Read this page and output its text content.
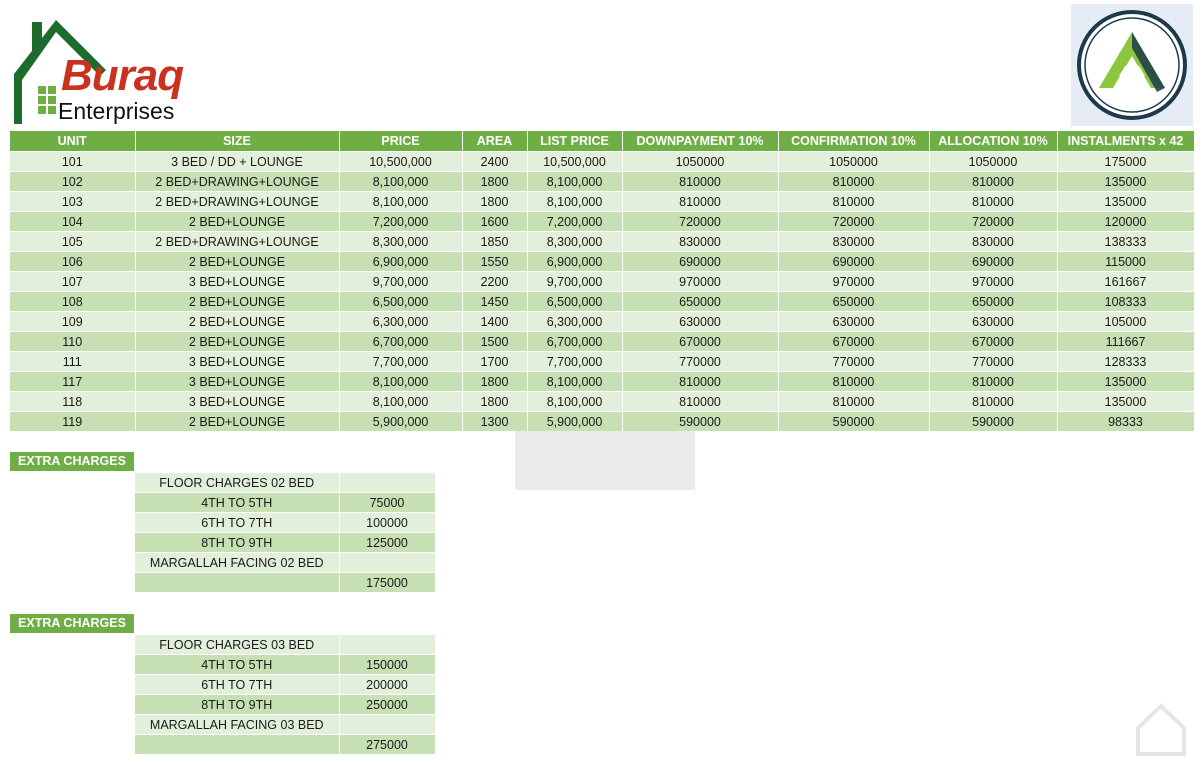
Buraq
Enterprises
UNIT	SIZE	PRICE	AREA	LIST PRICE	DOWNPAYMENT 10%	CONFIRMATION 10%	ALLOCATION 10%	INSTALMENTS x 42
101	3 BED / DD + LOUNGE	10,500,000	2400	10,500,000	1050000	1050000	1050000	175000
102	2 BED+DRAWING+LOUNGE	8,100,000	1800	8,100,000	810000	810000	810000	135000
103	2 BED+DRAWING+LOUNGE	8,100,000	1800	8,100,000	810000	810000	810000	135000
104	2 BED+LOUNGE	7,200,000	1600	7,200,000	720000	720000	720000	120000
105	2 BED+DRAWING+LOUNGE	8,300,000	1850	8,300,000	830000	830000	830000	138333
106	2 BED+LOUNGE	6,900,000	1550	6,900,000	690000	690000	690000	115000
107	3 BED+LOUNGE	9,700,000	2200	9,700,000	970000	970000	970000	161667
108	2 BED+LOUNGE	6,500,000	1450	6,500,000	650000	650000	650000	108333
109	2 BED+LOUNGE	6,300,000	1400	6,300,000	630000	630000	630000	105000
110	2 BED+LOUNGE	6,700,000	1500	6,700,000	670000	670000	670000	111667
111	3 BED+LOUNGE	7,700,000	1700	7,700,000	770000	770000	770000	128333
117	3 BED+LOUNGE	8,100,000	1800	8,100,000	810000	810000	810000	135000
118	3 BED+LOUNGE	8,100,000	1800	8,100,000	810000	810000	810000	135000
119	2 BED+LOUNGE	5,900,000	1300	5,900,000	590000	590000	590000	98333
EXTRA CHARGES
FLOOR CHARGES 02 BED	
4TH TO 5TH	75000
6TH TO 7TH	100000
8TH TO 9TH	125000
MARGALLAH FACING 02 BED	
	175000
EXTRA CHARGES
FLOOR CHARGES 03 BED	
4TH TO 5TH	150000
6TH TO 7TH	200000
8TH TO 9TH	250000
MARGALLAH FACING 03 BED	
	275000
